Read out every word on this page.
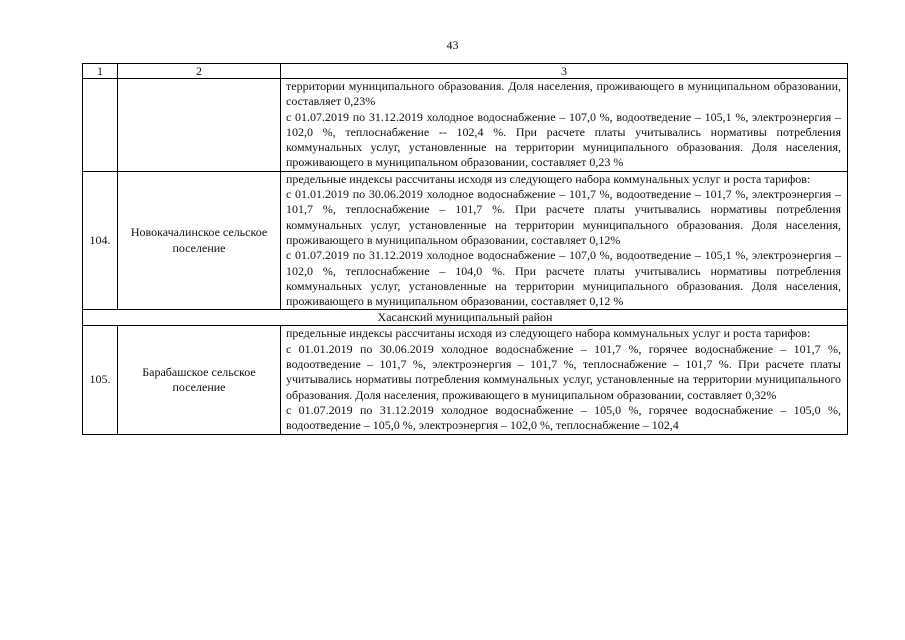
43
1	2	3

		территории муниципального образования. Доля населения, проживающего в муниципальном образовании, составляет 0,23%
с 01.07.2019 по 31.12.2019 холодное водоснабжение – 107,0 %, водоотведение – 105,1 %, электроэнергия – 102,0 %, теплоснабжение -- 102,4 %. При расчете платы учитывались нормативы потребления коммунальных услуг, установленные на территории муниципального образования. Доля населения, проживающего в муниципальном образовании, составляет 0,23 %

104.	Новокачалинское сельское поселение	предельные индексы рассчитаны исходя из следующего набора коммунальных услуг и роста тарифов:
с 01.01.2019 по 30.06.2019 холодное водоснабжение – 101,7 %, водоотведение – 101,7 %, электроэнергия – 101,7 %, теплоснабжение – 101,7 %. При расчете платы учитывались нормативы потребления коммунальных услуг, установленные на территории муниципального образования. Доля населения, проживающего в муниципальном образовании, составляет 0,12%
с 01.07.2019 по 31.12.2019 холодное водоснабжение – 107,0 %, водоотведение – 105,1 %, электроэнергия – 102,0 %, теплоснабжение – 104,0 %. При расчете платы учитывались нормативы потребления коммунальных услуг, установленные на территории муниципального образования. Доля населения, проживающего в муниципальном образовании, составляет 0,12 %

Хасанский муниципальный район		
105.	Барабашское сельское поселение	предельные индексы рассчитаны исходя из следующего набора коммунальных услуг и роста тарифов:
с 01.01.2019 по 30.06.2019 холодное водоснабжение – 101,7 %, горячее водоснабжение – 101,7 %, водоотведение – 101,7 %, электроэнергия – 101,7 %, теплоснабжение – 101,7 %. При расчете платы учитывались нормативы потребления коммунальных услуг, установленные на территории муниципального образования. Доля населения, проживающего в муниципальном образовании, составляет 0,32%
с 01.07.2019 по 31.12.2019 холодное водоснабжение – 105,0 %, горячее водоснабжение – 105,0 %, водоотведение – 105,0 %, электроэнергия – 102,0 %, теплоснабжение – 102,4
